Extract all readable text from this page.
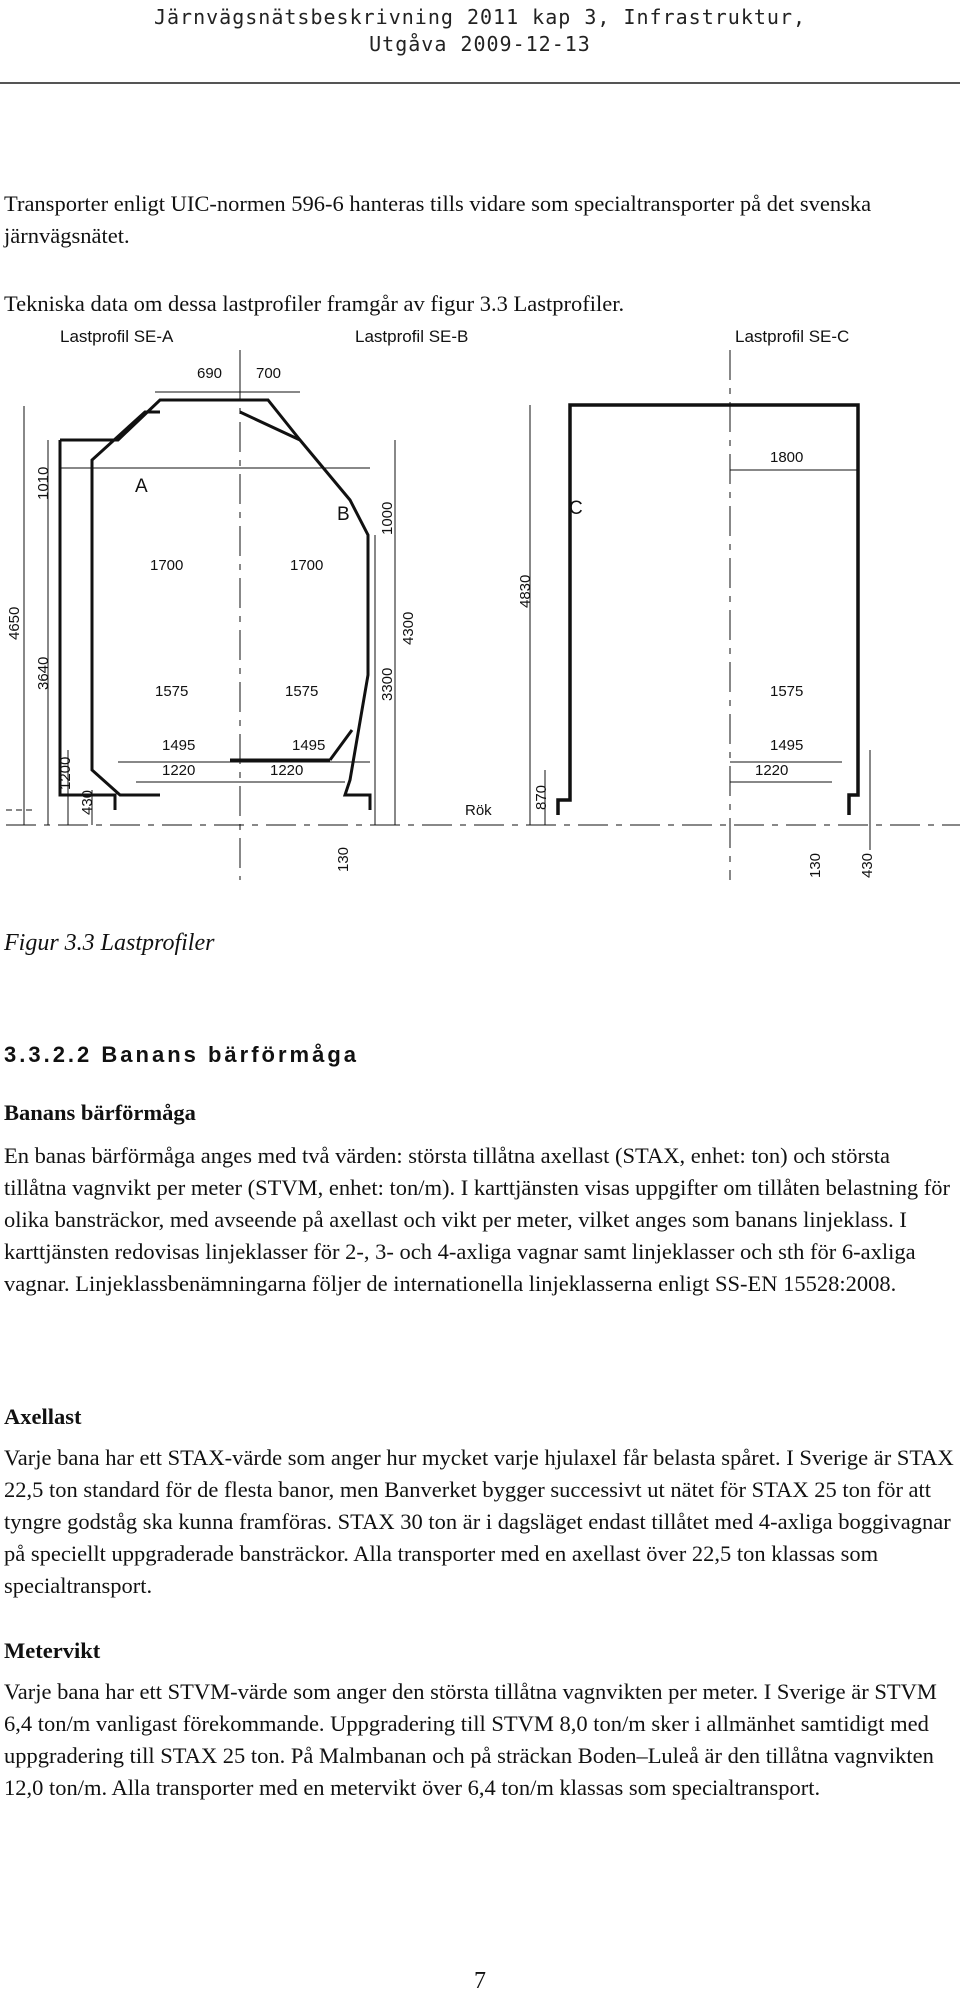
Järnvägsnätsbeskrivning 2011 kap 3, Infrastruktur,
Utgåva 2009-12-13

Transporter enligt UIC-normen 596-6 hanteras tills vidare som specialtransporter på det svenska järnvägsnätet.

Tekniska data om dessa lastprofiler framgår av figur 3.3 Lastprofiler.

Lastprofil SE-A	Lastprofil SE-B	Lastprofil SE-C
690 700
1800
1700	1700
1575	1575	1575
1495	1495	1495
1220	1220	1220
Rök
A
B	C
1010
1000
4650
3640
4300
4830
3300
1200
430	870
130	130 430

Figur 3.3 Lastprofiler

3.3.2.2 Banans bärförmåga
Banans bärförmåga

En banas bärförmåga anges med två värden: största tillåtna axellast (STAX, enhet: ton) och största tillåtna vagnvikt per meter (STVM, enhet: ton/m). I karttjänsten visas uppgifter om tillåten belastning för olika bansträckor, med avseende på axellast och vikt per meter, vilket anges som banans linjeklass. I karttjänsten redovisas linjeklasser för 2-, 3- och 4-axliga vagnar samt linjeklasser och sth för 6-axliga vagnar. Linjeklassbenämningarna följer de internationella linjeklasserna enligt SS-EN 15528:2008.

Axellast

Varje bana har ett STAX-värde som anger hur mycket varje hjulaxel får belasta spåret. I Sverige är STAX 22,5 ton standard för de flesta banor, men Banverket bygger successivt ut nätet för STAX 25 ton för att tyngre godståg ska kunna framföras. STAX 30 ton är i dagsläget endast tillåtet med 4-axliga boggivagnar på speciellt uppgraderade bansträckor. Alla transporter med en axellast över 22,5 ton klassas som specialtransport.

Metervikt

Varje bana har ett STVM-värde som anger den största tillåtna vagnvikten per meter. I Sverige är STVM 6,4 ton/m vanligast förekommande. Uppgradering till STVM 8,0 ton/m sker i allmänhet samtidigt med uppgradering till STAX 25 ton. På Malmbanan och på sträckan Boden–Luleå är den tillåtna vagnvikten 12,0 ton/m. Alla transporter med en metervikt över 6,4 ton/m klassas som specialtransport.

7
